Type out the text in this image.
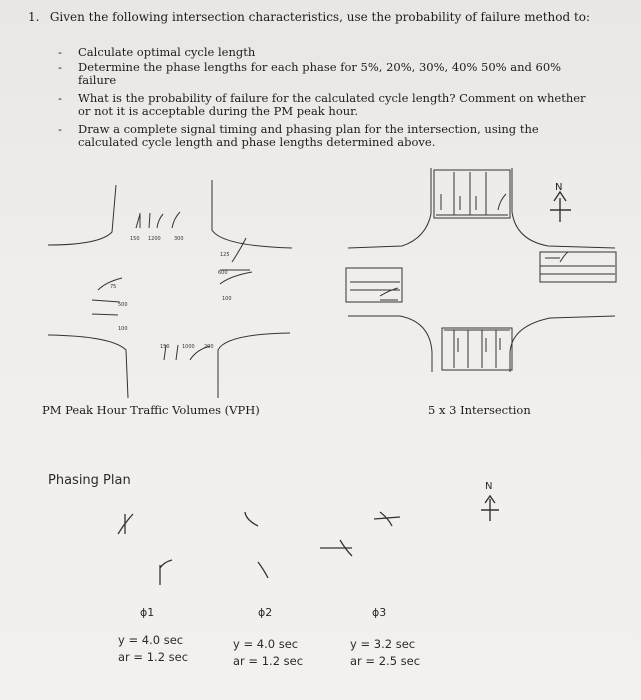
1. Given the following intersection characteristics, use the probability of failure method to:
- Calculate optimal cycle length
- Determine the phase lengths for each phase for 5%, 20%, 30%, 40% 50% and 60% failure
- What is the probability of failure for the calculated cycle length? Comment on whether or not it is acceptable during the PM peak hour.
- Draw a complete signal timing and phasing plan for the intersection, using the calculated cycle length and phase lengths determined above.
150 1200	300
125
600
100
75
500
100
150 1000 200
N
PM Peak Hour Traffic Volumes (VPH)	5 x 3 Intersection
Phasing Plan	N
ϕ1	ϕ2	ϕ3
y = 4.0 sec
ar = 1.2 sec
y = 4.0 sec
ar = 1.2 sec
y = 3.2 sec
ar = 2.5 sec
